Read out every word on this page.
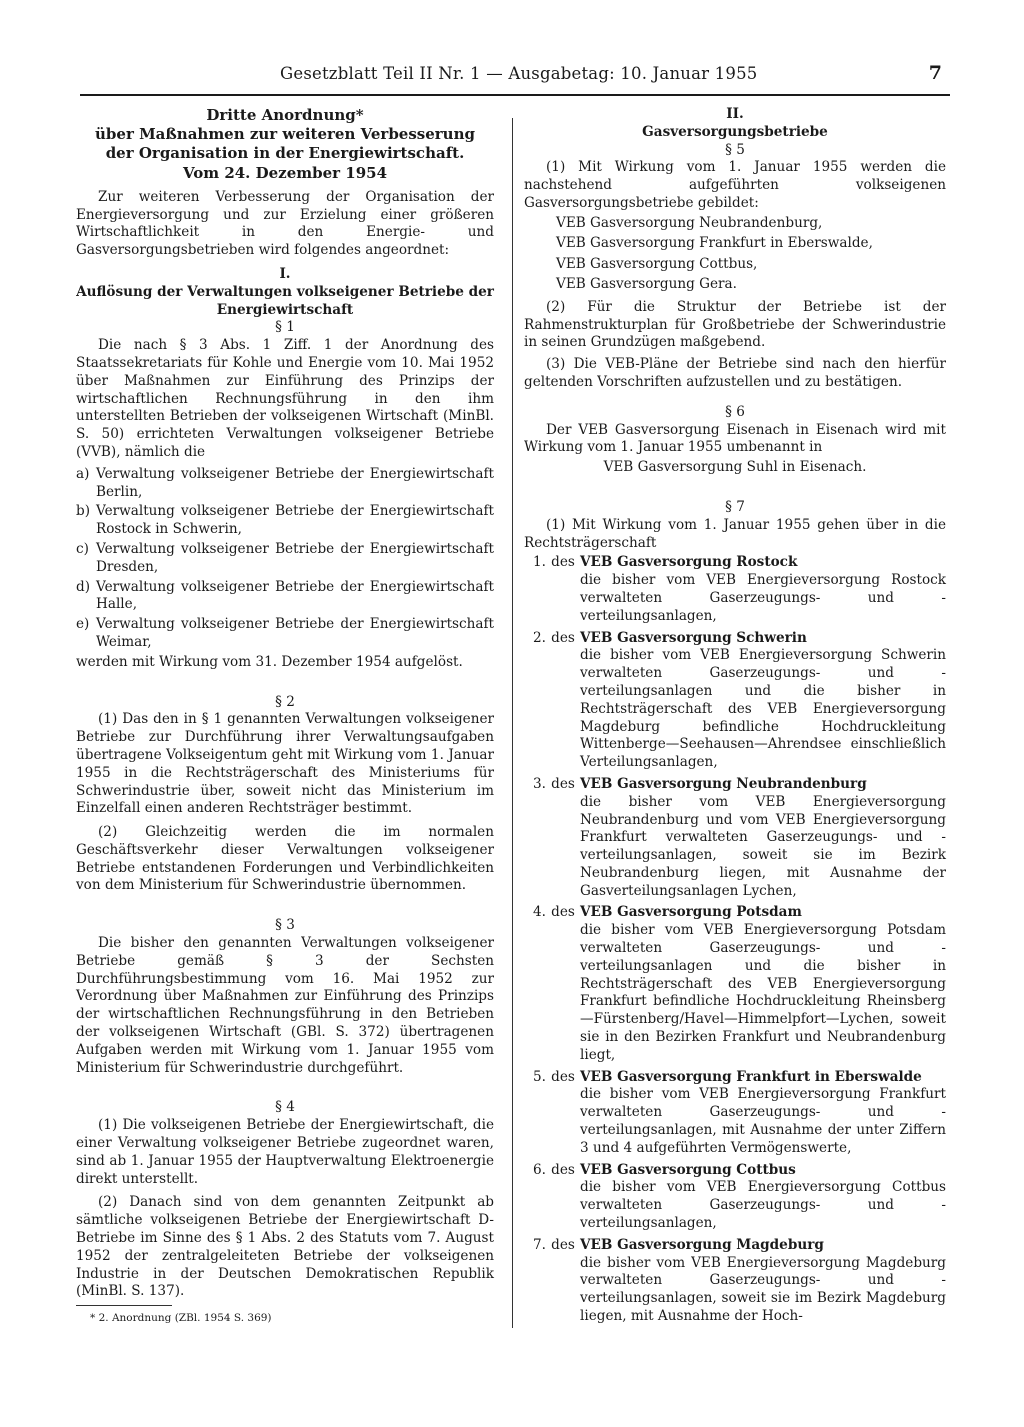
Gesetzblatt Teil II Nr. 1 — Ausgabetag: 10. Januar 1955	7
Dritte Anordnung*
über Maßnahmen zur weiteren Verbesserung
der Organisation in der Energiewirtschaft.
Vom 24. Dezember 1954

Zur weiteren Verbesserung der Organisation der Energieversorgung und zur Erzielung einer größeren Wirtschaftlichkeit in den Energie- und Gasversorgungsbetrieben wird folgendes angeordnet:

I.
Auflösung der Verwaltungen volkseigener Betriebe der Energiewirtschaft
§ 1

Die nach § 3 Abs. 1 Ziff. 1 der Anordnung des Staatssekretariats für Kohle und Energie vom 10. Mai 1952 über Maßnahmen zur Einführung des Prinzips der wirtschaftlichen Rechnungsführung in den ihm unterstellten Betrieben der volkseigenen Wirtschaft (MinBl. S. 50) errichteten Verwaltungen volkseigener Betriebe (VVB), nämlich die

a) Verwaltung volkseigener Betriebe der Energiewirtschaft Berlin,
b) Verwaltung volkseigener Betriebe der Energiewirtschaft Rostock in Schwerin,
c) Verwaltung volkseigener Betriebe der Energiewirtschaft Dresden,
d) Verwaltung volkseigener Betriebe der Energiewirtschaft Halle,
e) Verwaltung volkseigener Betriebe der Energiewirtschaft Weimar,

werden mit Wirkung vom 31. Dezember 1954 aufgelöst.

§ 2

(1) Das den in § 1 genannten Verwaltungen volkseigener Betriebe zur Durchführung ihrer Verwaltungsaufgaben übertragene Volkseigentum geht mit Wirkung vom 1. Januar 1955 in die Rechtsträgerschaft des Ministeriums für Schwerindustrie über, soweit nicht das Ministerium im Einzelfall einen anderen Rechtsträger bestimmt.

(2) Gleichzeitig werden die im normalen Geschäftsverkehr dieser Verwaltungen volkseigener Betriebe entstandenen Forderungen und Verbindlichkeiten von dem Ministerium für Schwerindustrie übernommen.

§ 3

Die bisher den genannten Verwaltungen volkseigener Betriebe gemäß § 3 der Sechsten Durchführungsbestimmung vom 16. Mai 1952 zur Verordnung über Maßnahmen zur Einführung des Prinzips der wirtschaftlichen Rechnungsführung in den Betrieben der volkseigenen Wirtschaft (GBl. S. 372) übertragenen Aufgaben werden mit Wirkung vom 1. Januar 1955 vom Ministerium für Schwerindustrie durchgeführt.

§ 4

(1) Die volkseigenen Betriebe der Energiewirtschaft, die einer Verwaltung volkseigener Betriebe zugeordnet waren, sind ab 1. Januar 1955 der Hauptverwaltung Elektroenergie direkt unterstellt.

(2) Danach sind von dem genannten Zeitpunkt ab sämtliche volkseigenen Betriebe der Energiewirtschaft D-Betriebe im Sinne des § 1 Abs. 2 des Statuts vom 7. August 1952 der zentralgeleiteten Betriebe der volkseigenen Industrie in der Deutschen Demokratischen Republik (MinBl. S. 137).

* 2. Anordnung (ZBl. 1954 S. 369)
II.
Gasversorgungsbetriebe
§ 5

(1) Mit Wirkung vom 1. Januar 1955 werden die nachstehend aufgeführten volkseigenen Gasversorgungsbetriebe gebildet:

VEB Gasversorgung Neubrandenburg,
VEB Gasversorgung Frankfurt in Eberswalde,
VEB Gasversorgung Cottbus,
VEB Gasversorgung Gera.

(2) Für die Struktur der Betriebe ist der Rahmenstrukturplan für Großbetriebe der Schwerindustrie in seinen Grundzügen maßgebend.

(3) Die VEB-Pläne der Betriebe sind nach den hierfür geltenden Vorschriften aufzustellen und zu bestätigen.

§ 6

Der VEB Gasversorgung Eisenach in Eisenach wird mit Wirkung vom 1. Januar 1955 umbenannt in

VEB Gasversorgung Suhl in Eisenach.
§ 7

(1) Mit Wirkung vom 1. Januar 1955 gehen über in die Rechtsträgerschaft

1. des VEB Gasversorgung Rostock
die bisher vom VEB Energieversorgung Rostock verwalteten Gaserzeugungs- und -verteilungsanlagen,
2. des VEB Gasversorgung Schwerin
die bisher vom VEB Energieversorgung Schwerin verwalteten Gaserzeugungs- und -verteilungsanlagen und die bisher in Rechtsträgerschaft des VEB Energieversorgung Magdeburg befindliche Hochdruckleitung Wittenberge—Seehausen—Ahrendsee einschließlich Verteilungsanlagen,
3. des VEB Gasversorgung Neubrandenburg
die bisher vom VEB Energieversorgung Neubrandenburg und vom VEB Energieversorgung Frankfurt verwalteten Gaserzeugungs- und -verteilungsanlagen, soweit sie im Bezirk Neubrandenburg liegen, mit Ausnahme der Gasverteilungsanlagen Lychen,
4. des VEB Gasversorgung Potsdam
die bisher vom VEB Energieversorgung Potsdam verwalteten Gaserzeugungs- und -verteilungsanlagen und die bisher in Rechtsträgerschaft des VEB Energieversorgung Frankfurt befindliche Hochdruckleitung Rheinsberg—Fürstenberg/Havel—Himmelpfort—Lychen, soweit sie in den Bezirken Frankfurt und Neubrandenburg liegt,
5. des VEB Gasversorgung Frankfurt in Eberswalde
die bisher vom VEB Energieversorgung Frankfurt verwalteten Gaserzeugungs- und -verteilungsanlagen, mit Ausnahme der unter Ziffern 3 und 4 aufgeführten Vermögenswerte,
6. des VEB Gasversorgung Cottbus
die bisher vom VEB Energieversorgung Cottbus verwalteten Gaserzeugungs- und -verteilungsanlagen,
7. des VEB Gasversorgung Magdeburg
die bisher vom VEB Energieversorgung Magdeburg verwalteten Gaserzeugungs- und -verteilungsanlagen, soweit sie im Bezirk Magdeburg liegen, mit Ausnahme der Hoch-
